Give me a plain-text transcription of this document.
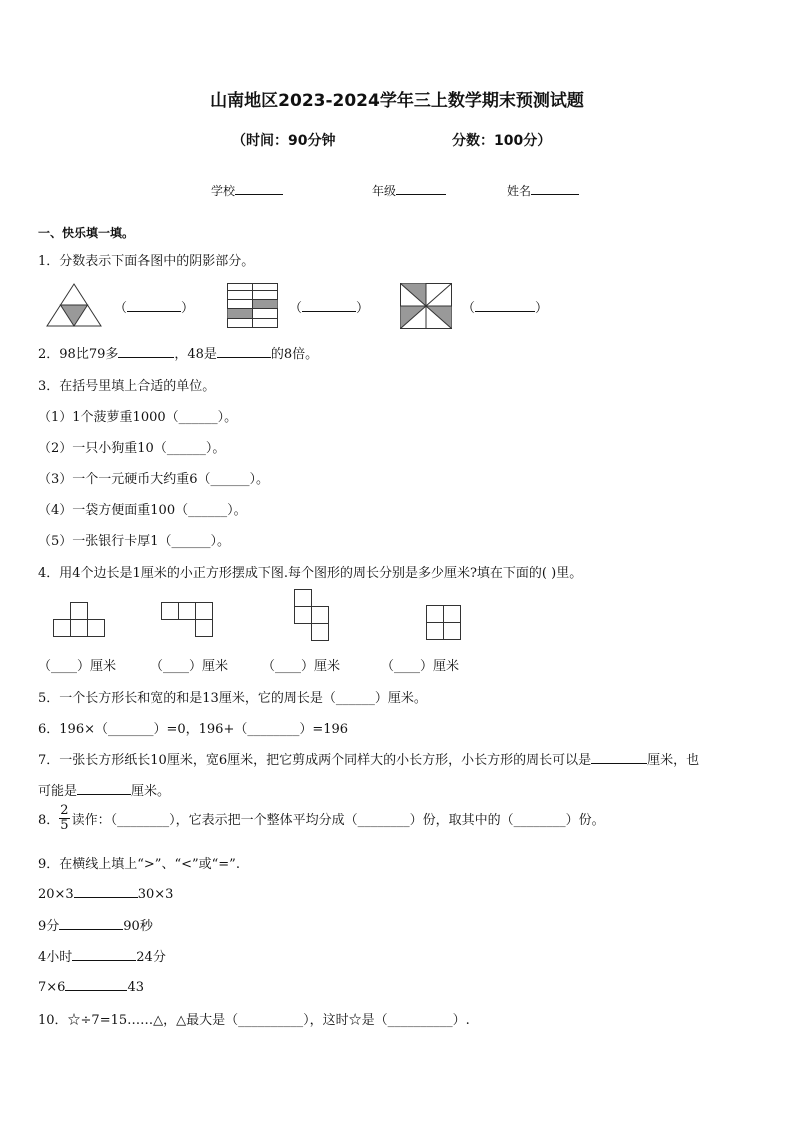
山南地区2023-2024学年三上数学期末预测试题
（时间：90分钟	分数：100分）
学校	年级	姓名
一、快乐填一填。
1．分数表示下面各图中的阴影部分。
（	）	（	）	（	）
2．98比79多	，48是	的8倍。
3．在括号里填上合适的单位。
（1）1个菠萝重1000（______）。
（2）一只小狗重10（______）。
（3）一个一元硬币大约重6（______）。
（4）一袋方便面重100（______）。
（5）一张银行卡厚1（______）。
4．用4个边长是1厘米的小正方形摆成下图.每个图形的周长分别是多少厘米?填在下面的( )里。
（____）厘米	（____）厘米	（____）厘米	（____）厘米
5．一个长方形长和宽的和是13厘米，它的周长是（______）厘米。
6．196×（_______）=0，196+（________）=196
7．一张长方形纸长10厘米，宽6厘米，把它剪成两个同样大的小长方形，小长方形的周长可以是	厘米，也
可能是	厘米。
8． $\frac{2}{5}$ 读作：（________），它表示把一个整体平均分成（________）份，取其中的（________）份。
9．在横线上填上“>”、“<”或“=”.
20×3	30×3
9分	90秒
4小时	24分
7×6	43
10．☆÷7=15……△，△最大是（__________），这时☆是（__________）.
